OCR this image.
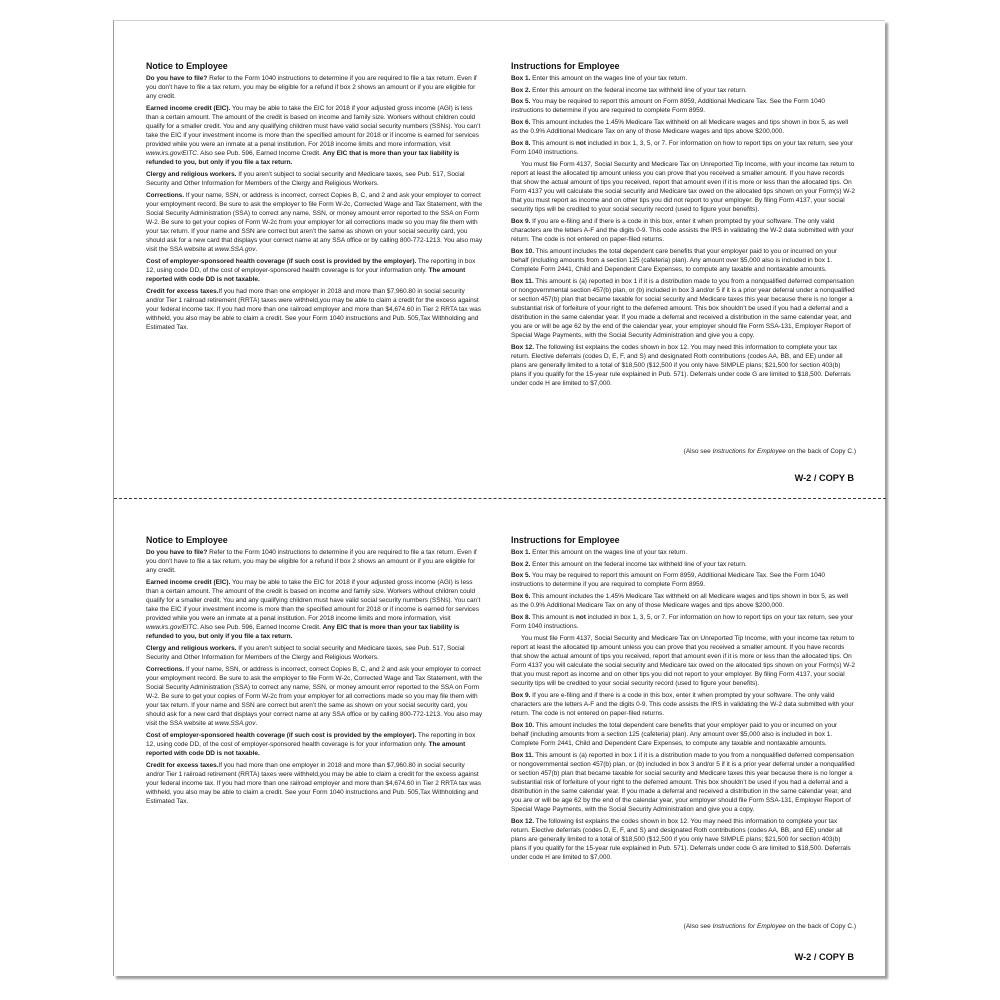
Notice to Employee

Do you have to file? Refer to the Form 1040 instructions to determine if you are required to file a tax return. Even if you don’t have to file a tax return, you may be eligible for a refund if box 2 shows an amount or if you are eligible for any credit.

Earned income credit (EIC). You may be able to take the EIC for 2018 if your adjusted gross income (AGI) is less than a certain amount. The amount of the credit is based on income and family size. Workers without children could qualify for a smaller credit. You and any qualifying children must have valid social security numbers (SSNs). You can’t take the EIC if your investment income is more than the specified amount for 2018 or if income is earned for services provided while you were an inmate at a penal institution. For 2018 income limits and more information, visit www.irs.gov/EITC. Also see Pub. 596, Earned Income Credit. Any EIC that is more than your tax liability is refunded to you, but only if you file a tax return.

Clergy and religious workers. If you aren’t subject to social security and Medicare taxes, see Pub. 517, Social Security and Other Information for Members of the Clergy and Religious Workers.

Corrections. If your name, SSN, or address is incorrect, correct Copies B, C, and 2 and ask your employer to correct your employment record. Be sure to ask the employer to file Form W-2c, Corrected Wage and Tax Statement, with the Social Security Administration (SSA) to correct any name, SSN, or money amount error reported to the SSA on Form W-2. Be sure to get your copies of Form W-2c from your employer for all corrections made so you may file them with your tax return. If your name and SSN are correct but aren’t the same as shown on your social security card, you should ask for a new card that displays your correct name at any SSA office or by calling 800-772-1213. You also may visit the SSA website at www.SSA.gov.

Cost of employer-sponsored health coverage (if such cost is provided by the employer). The reporting in box 12, using code DD, of the cost of employer-sponsored health coverage is for your information only. The amount reported with code DD is not taxable.

Credit for excess taxes.If you had more than one employer in 2018 and more than $7,960.80 in social security and/or Tier 1 railroad retirement (RRTA) taxes were withheld,you may be able to claim a credit for the excess against your federal income tax. If you had more than one railroad employer and more than $4,674.60 in Tier 2 RRTA tax was withheld, you also may be able to claim a credit. See your Form 1040 instructions and Pub. 505,Tax Withholding and Estimated Tax.

Instructions for Employee

Box 1. Enter this amount on the wages line of your tax return.

Box 2. Enter this amount on the federal income tax withheld line of your tax return.

Box 5. You may be required to report this amount on Form 8959, Additional Medicare Tax. See the Form 1040 instructions to determine if you are required to complete Form 8959.

Box 6. This amount includes the 1.45% Medicare Tax withheld on all Medicare wages and tips shown in box 5, as well as the 0.9% Additional Medicare Tax on any of those Medicare wages and tips above $200,000.

Box 8. This amount is not included in box 1, 3, 5, or 7. For information on how to report tips on your tax return, see your Form 1040 instructions.

You must file Form 4137, Social Security and Medicare Tax on Unreported Tip Income, with your income tax return to report at least the allocated tip amount unless you can prove that you received a smaller amount. If you have records that show the actual amount of tips you received, report that amount even if it is more or less than the allocated tips. On Form 4137 you will calculate the social security and Medicare tax owed on the allocated tips shown on your Form(s) W-2 that you must report as income and on other tips you did not report to your employer. By filing Form 4137, your social security tips will be credited to your social security record (used to figure your benefits).

Box 9. If you are e-filing and if there is a code in this box, enter it when prompted by your software. The only valid characters are the letters A-F and the digits 0-9. This code assists the IRS in validating the W-2 data submitted with your return. The code is not entered on paper-filed returns.

Box 10. This amount includes the total dependent care benefits that your employer paid to you or incurred on your behalf (including amounts from a section 125 (cafeteria) plan). Any amount over $5,000 also is included in box 1. Complete Form 2441, Child and Dependent Care Expenses, to compute any taxable and nontaxable amounts.

Box 11. This amount is (a) reported in box 1 if it is a distribution made to you from a nonqualified deferred compensation or nongovernmental section 457(b) plan, or (b) included in box 3 and/or 5 if it is a prior year deferral under a nonqualified or section 457(b) plan that became taxable for social security and Medicare taxes this year because there is no longer a substantial risk of forfeiture of your right to the deferred amount. This box shouldn’t be used if you had a deferral and a distribution in the same calendar year. If you made a deferral and received a distribution in the same calendar year, and you are or will be age 62 by the end of the calendar year, your employer should file Form SSA-131, Employer Report of Special Wage Payments, with the Social Security Administration and give you a copy.

Box 12. The following list explains the codes shown in box 12. You may need this information to complete your tax return. Elective deferrals (codes D, E, F, and S) and designated Roth contributions (codes AA, BB, and EE) under all plans are generally limited to a total of $18,500 ($12,500 if you only have SIMPLE plans; $21,500 for section 403(b) plans if you qualify for the 15-year rule explained in Pub. 571). Deferrals under code G are limited to $18,500. Deferrals under code H are limited to $7,000.

(Also see Instructions for Employee on the back of Copy C.)
W-2 / COPY B
Notice to Employee

Do you have to file? Refer to the Form 1040 instructions to determine if you are required to file a tax return. Even if you don’t have to file a tax return, you may be eligible for a refund if box 2 shows an amount or if you are eligible for any credit.

Earned income credit (EIC). You may be able to take the EIC for 2018 if your adjusted gross income (AGI) is less than a certain amount. The amount of the credit is based on income and family size. Workers without children could qualify for a smaller credit. You and any qualifying children must have valid social security numbers (SSNs). You can’t take the EIC if your investment income is more than the specified amount for 2018 or if income is earned for services provided while you were an inmate at a penal institution. For 2018 income limits and more information, visit www.irs.gov/EITC. Also see Pub. 596, Earned Income Credit. Any EIC that is more than your tax liability is refunded to you, but only if you file a tax return.

Clergy and religious workers. If you aren’t subject to social security and Medicare taxes, see Pub. 517, Social Security and Other Information for Members of the Clergy and Religious Workers.

Corrections. If your name, SSN, or address is incorrect, correct Copies B, C, and 2 and ask your employer to correct your employment record. Be sure to ask the employer to file Form W-2c, Corrected Wage and Tax Statement, with the Social Security Administration (SSA) to correct any name, SSN, or money amount error reported to the SSA on Form W-2. Be sure to get your copies of Form W-2c from your employer for all corrections made so you may file them with your tax return. If your name and SSN are correct but aren’t the same as shown on your social security card, you should ask for a new card that displays your correct name at any SSA office or by calling 800-772-1213. You also may visit the SSA website at www.SSA.gov.

Cost of employer-sponsored health coverage (if such cost is provided by the employer). The reporting in box 12, using code DD, of the cost of employer-sponsored health coverage is for your information only. The amount reported with code DD is not taxable.

Credit for excess taxes.If you had more than one employer in 2018 and more than $7,960.80 in social security and/or Tier 1 railroad retirement (RRTA) taxes were withheld,you may be able to claim a credit for the excess against your federal income tax. If you had more than one railroad employer and more than $4,674.60 in Tier 2 RRTA tax was withheld, you also may be able to claim a credit. See your Form 1040 instructions and Pub. 505,Tax Withholding and Estimated Tax.

Instructions for Employee

Box 1. Enter this amount on the wages line of your tax return.

Box 2. Enter this amount on the federal income tax withheld line of your tax return.

Box 5. You may be required to report this amount on Form 8959, Additional Medicare Tax. See the Form 1040 instructions to determine if you are required to complete Form 8959.

Box 6. This amount includes the 1.45% Medicare Tax withheld on all Medicare wages and tips shown in box 5, as well as the 0.9% Additional Medicare Tax on any of those Medicare wages and tips above $200,000.

Box 8. This amount is not included in box 1, 3, 5, or 7. For information on how to report tips on your tax return, see your Form 1040 instructions.

You must file Form 4137, Social Security and Medicare Tax on Unreported Tip Income, with your income tax return to report at least the allocated tip amount unless you can prove that you received a smaller amount. If you have records that show the actual amount of tips you received, report that amount even if it is more or less than the allocated tips. On Form 4137 you will calculate the social security and Medicare tax owed on the allocated tips shown on your Form(s) W-2 that you must report as income and on other tips you did not report to your employer. By filing Form 4137, your social security tips will be credited to your social security record (used to figure your benefits).

Box 9. If you are e-filing and if there is a code in this box, enter it when prompted by your software. The only valid characters are the letters A-F and the digits 0-9. This code assists the IRS in validating the W-2 data submitted with your return. The code is not entered on paper-filed returns.

Box 10. This amount includes the total dependent care benefits that your employer paid to you or incurred on your behalf (including amounts from a section 125 (cafeteria) plan). Any amount over $5,000 also is included in box 1. Complete Form 2441, Child and Dependent Care Expenses, to compute any taxable and nontaxable amounts.

Box 11. This amount is (a) reported in box 1 if it is a distribution made to you from a nonqualified deferred compensation or nongovernmental section 457(b) plan, or (b) included in box 3 and/or 5 if it is a prior year deferral under a nonqualified or section 457(b) plan that became taxable for social security and Medicare taxes this year because there is no longer a substantial risk of forfeiture of your right to the deferred amount. This box shouldn’t be used if you had a deferral and a distribution in the same calendar year. If you made a deferral and received a distribution in the same calendar year, and you are or will be age 62 by the end of the calendar year, your employer should file Form SSA-131, Employer Report of Special Wage Payments, with the Social Security Administration and give you a copy.

Box 12. The following list explains the codes shown in box 12. You may need this information to complete your tax return. Elective deferrals (codes D, E, F, and S) and designated Roth contributions (codes AA, BB, and EE) under all plans are generally limited to a total of $18,500 ($12,500 if you only have SIMPLE plans; $21,500 for section 403(b) plans if you qualify for the 15-year rule explained in Pub. 571). Deferrals under code G are limited to $18,500. Deferrals under code H are limited to $7,000.

(Also see Instructions for Employee on the back of Copy C.)
W-2 / COPY B
